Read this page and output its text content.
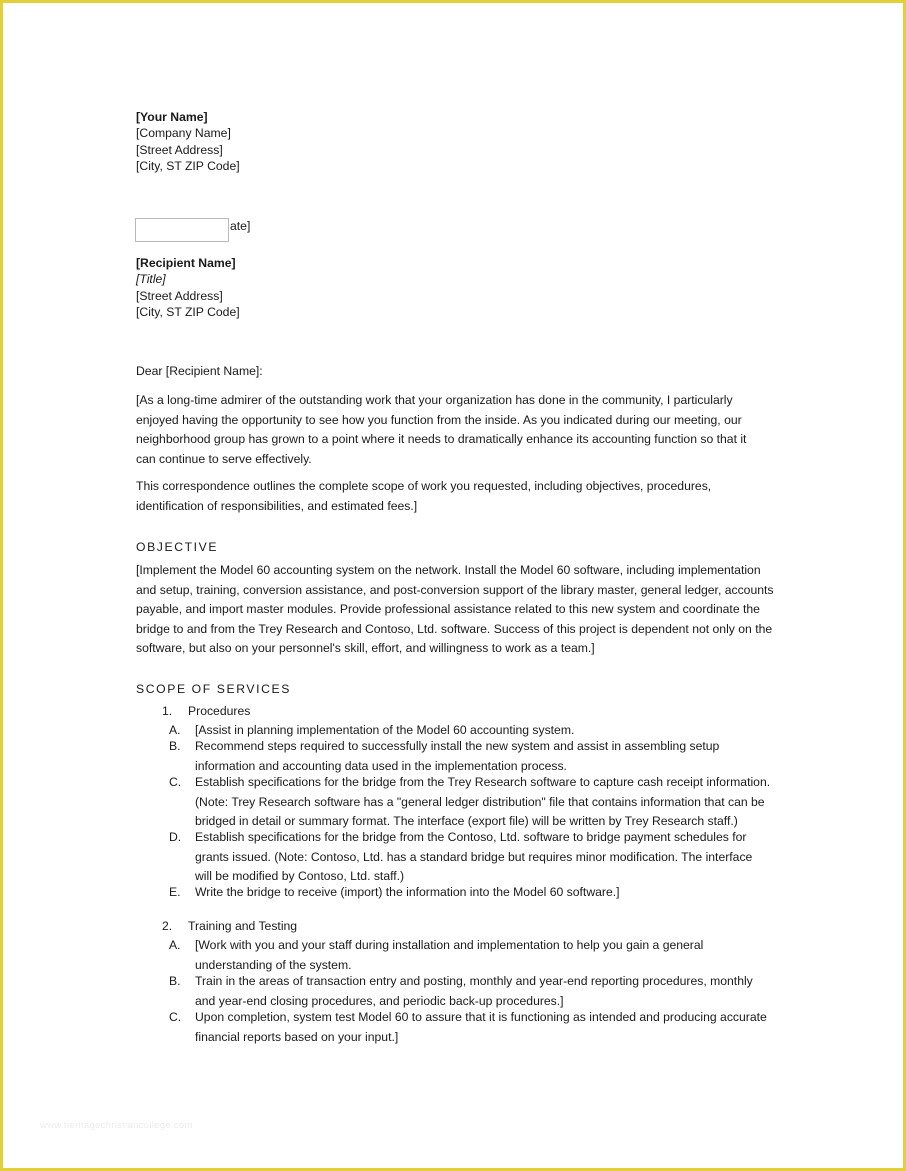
[Your Name]
[Company Name]
[Street Address]
[City, ST ZIP Code]
ate]
[Recipient Name]
[Title]
[Street Address]
[City, ST ZIP Code]
Dear [Recipient Name]:
[As a long-time admirer of the outstanding work that your organization has done in the community, I particularly
enjoyed having the opportunity to see how you function from the inside. As you indicated during our meeting, our
neighborhood group has grown to a point where it needs to dramatically enhance its accounting function so that it
can continue to serve effectively.
This correspondence outlines the complete scope of work you requested, including objectives, procedures,
identification of responsibilities, and estimated fees.]
OBJECTIVE
[Implement the Model 60 accounting system on the network. Install the Model 60 software, including implementation
and setup, training, conversion assistance, and post-conversion support of the library master, general ledger, accounts
payable, and import master modules. Provide professional assistance related to this new system and coordinate the
bridge to and from the Trey Research and Contoso, Ltd. software. Success of this project is dependent not only on the
software, but also on your personnel's skill, effort, and willingness to work as a team.]
SCOPE OF SERVICES
1. Procedures
A. [Assist in planning implementation of the Model 60 accounting system.
B. Recommend steps required to successfully install the new system and assist in assembling setup
information and accounting data used in the implementation process.
C. Establish specifications for the bridge from the Trey Research software to capture cash receipt information.
(Note: Trey Research software has a "general ledger distribution" file that contains information that can be
bridged in detail or summary format. The interface (export file) will be written by Trey Research staff.)
D. Establish specifications for the bridge from the Contoso, Ltd. software to bridge payment schedules for
grants issued. (Note: Contoso, Ltd. has a standard bridge but requires minor modification. The interface
will be modified by Contoso, Ltd. staff.)
E. Write the bridge to receive (import) the information into the Model 60 software.]
2. Training and Testing
A. [Work with you and your staff during installation and implementation to help you gain a general
understanding of the system.
B. Train in the areas of transaction entry and posting, monthly and year-end reporting procedures, monthly
and year-end closing procedures, and periodic back-up procedures.]
C. Upon completion, system test Model 60 to assure that it is functioning as intended and producing accurate
financial reports based on your input.]
www.heritagechristiancollege.com
